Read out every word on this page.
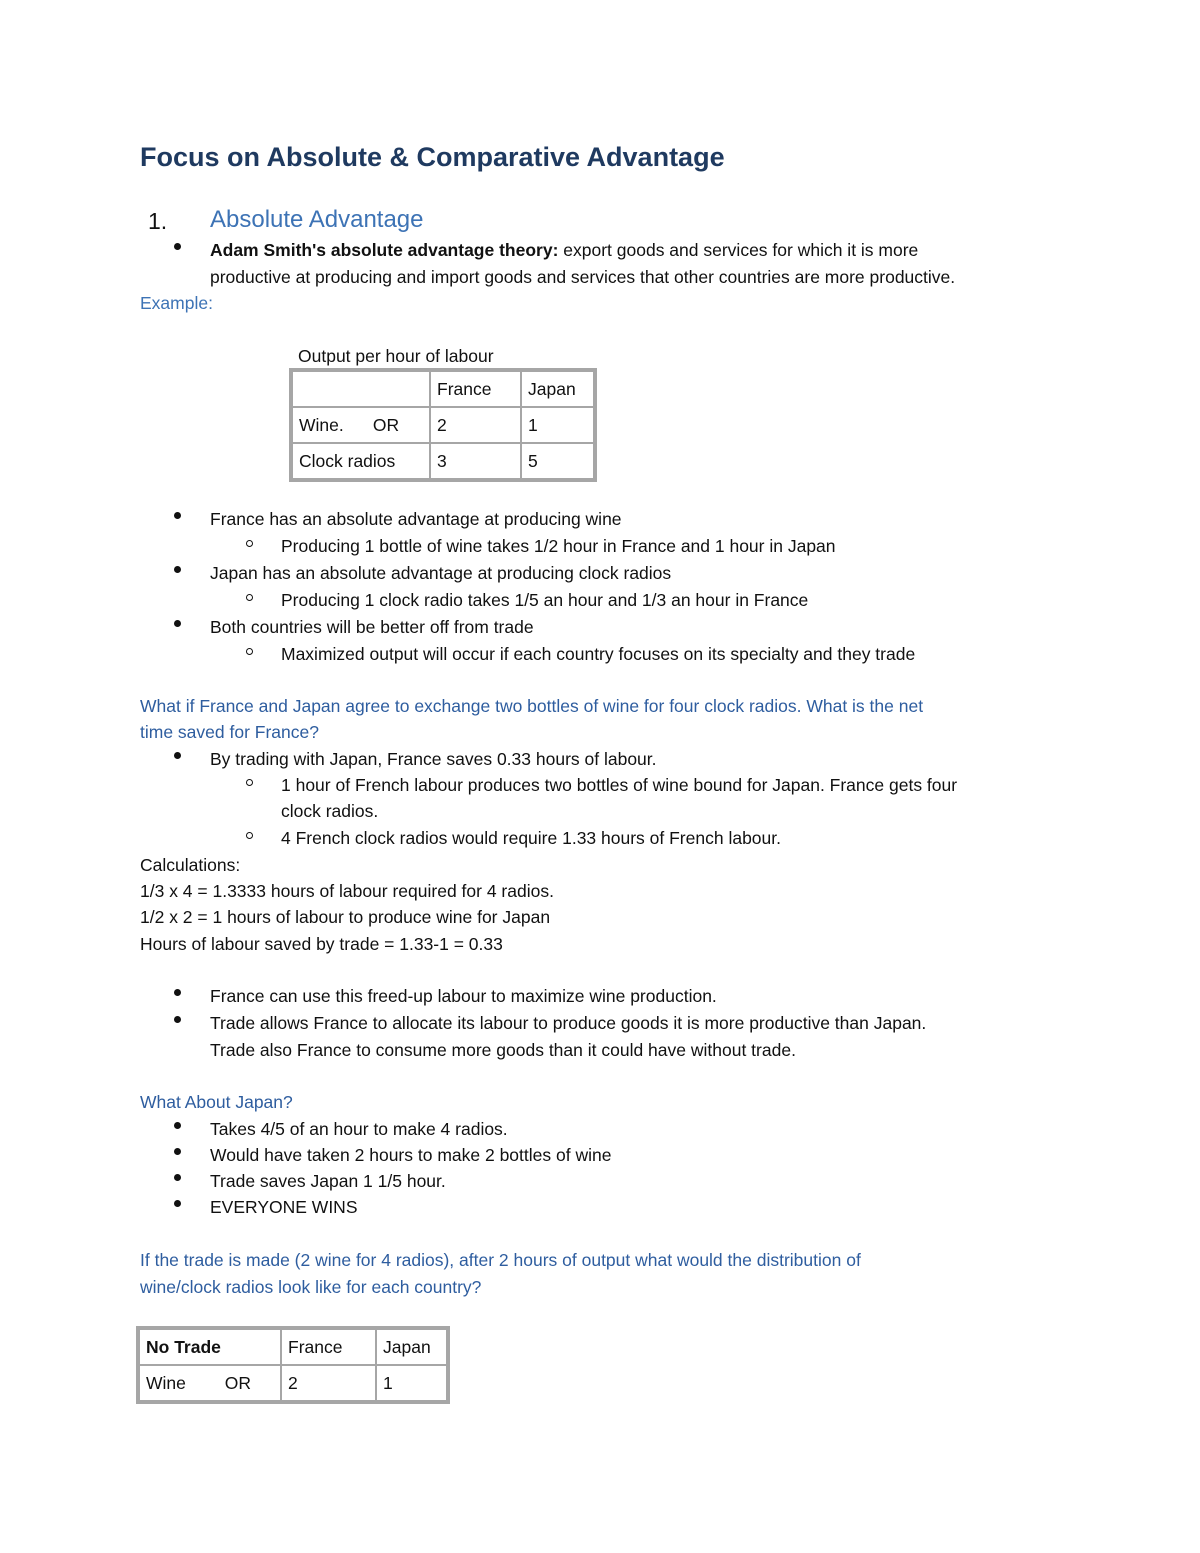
Focus on Absolute & Comparative Advantage
1. Absolute Advantage
Adam Smith's absolute advantage theory: export goods and services for which it is more
productive at producing and import goods and services that other countries are more productive.
Example:
Output per hour of labour
	France	Japan
Wine.      OR	2	1
Clock radios	3	5
France has an absolute advantage at producing wine
Producing 1 bottle of wine takes 1/2 hour in France and 1 hour in Japan
Japan has an absolute advantage at producing clock radios
Producing 1 clock radio takes 1/5 an hour and 1/3 an hour in France
Both countries will be better off from trade
Maximized output will occur if each country focuses on its specialty and they trade
What if France and Japan agree to exchange two bottles of wine for four clock radios. What is the net
time saved for France?
By trading with Japan, France saves 0.33 hours of labour.
1 hour of French labour produces two bottles of wine bound for Japan. France gets four
clock radios.
4 French clock radios would require 1.33 hours of French labour.
Calculations:
1/3 x 4 = 1.3333 hours of labour required for 4 radios.
1/2 x 2 = 1 hours of labour to produce wine for Japan
Hours of labour saved by trade = 1.33-1 = 0.33
France can use this freed-up labour to maximize wine production.
Trade allows France to allocate its labour to produce goods it is more productive than Japan.
Trade also France to consume more goods than it could have without trade.
What About Japan?
Takes 4/5 of an hour to make 4 radios.
Would have taken 2 hours to make 2 bottles of wine
Trade saves Japan 1 1/5 hour.
EVERYONE WINS
If the trade is made (2 wine for 4 radios), after 2 hours of output what would the distribution of
wine/clock radios look like for each country?
No Trade	France	Japan
Wine        OR	2	1
